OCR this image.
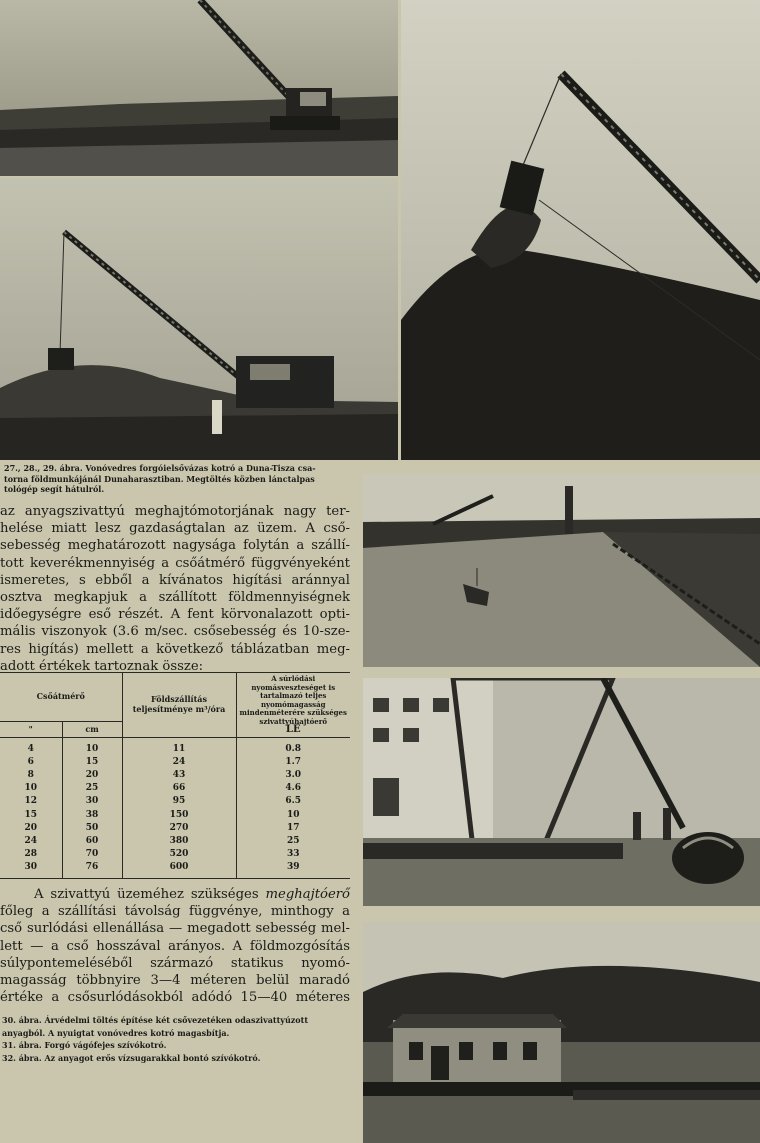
27., 28., 29. ábra. Vonóvedres forgóielsővázas kotró a Duna-Tisza csa-
torna földmunkájánál Dunaharasztiban. Megtöltés közben lánctalpas
tológép segít hátulról.
az anyagszivattyú meghajtómotorjának nagy ter-
helése miatt lesz gazdaságtalan az üzem. A cső-
sebesség meghatározott nagysága folytán a szállí-
tott keverékmennyiség a csőátmérő függvényeként
ismeretes, s ebből a kívánatos higítási aránnyal
osztva megkapjuk a szállított földmennyiségnek
időegységre eső részét. A fent körvonalazott opti-
mális viszonyok (3.6 m/sec. csősebesség és 10-sze-
res higítás) mellett a következő táblázatban meg-
adott értékek tartoznak össze:
Csőátmérő		Földszállítás teljesítménye m³/óra	A súrlódási nyomásveszteséget is tartalmazó teljes nyomómagasság mindenméterére szükséges szivattyúhajtóerő
LE
"	cm		
4	10	11	0.8
6	15	24	1.7
8	20	43	3.0
10	25	66	4.6
12	30	95	6.5
15	38	150	10
20	50	270	17
24	60	380	25
28	70	520	33
30	76	600	39
A szivattyú üzeméhez szükséges meghajtóerő
főleg a szállítási távolság függvénye, minthogy a
cső surlódási ellenállása — megadott sebesség mel-
lett — a cső hosszával arányos. A földmozgósítás
súlypontemeléséből származó statikus nyomó-
magasság többnyire 3—4 méteren belül maradó
értéke a csősurlódásokból adódó 15—40 méteres
30. ábra. Árvédelmi töltés építése két csővezetéken odaszivattyúzott
anyagból. A nyuigtat vonóvedres kotró magasbítja.
31. ábra. Forgó vágófejes szívókotró.
32. ábra. Az anyagot erős vízsugarakkal bontó szívókotró.
